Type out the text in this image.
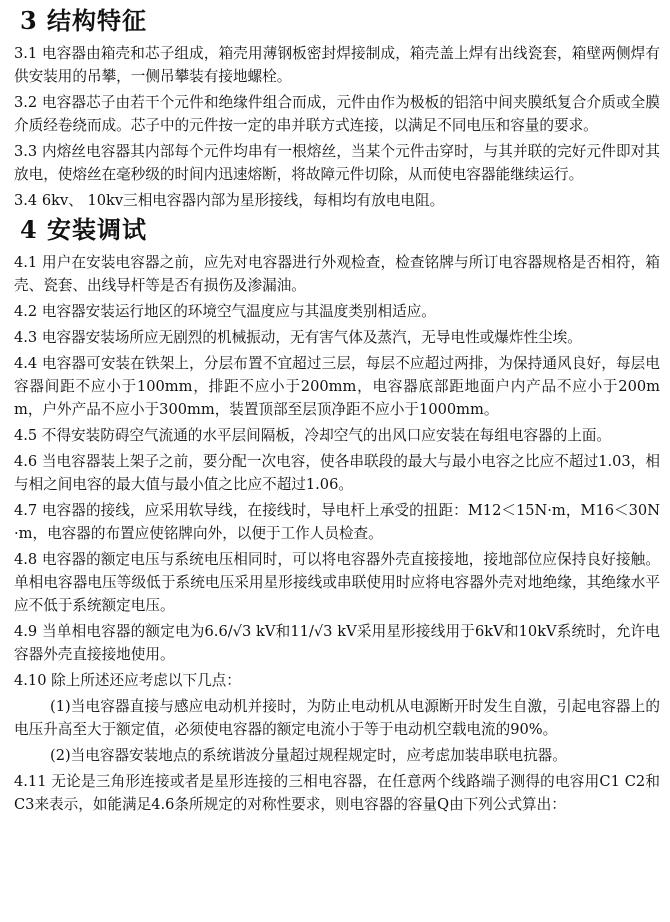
3 结构特征

3.1 电容器由箱壳和芯子组成，箱壳用薄钢板密封焊接制成，箱壳盖上焊有出线瓷套，箱壁两侧焊有供安装用的吊攀，一侧吊攀装有接地螺栓。

3.2 电容器芯子由若干个元件和绝缘件组合而成，元件由作为极板的铝箔中间夹膜纸复合介质或全膜介质经卷绕而成。芯子中的元件按一定的串并联方式连接，以满足不同电压和容量的要求。

3.3 内熔丝电容器其内部每个元件均串有一根熔丝，当某个元件击穿时，与其并联的完好元件即对其放电，使熔丝在毫秒级的时间内迅速熔断，将故障元件切除，从而使电容器能继续运行。

3.4 6kv、 10kv三相电容器内部为星形接线，每相均有放电电阻。

4 安装调试

4.1 用户在安装电容器之前，应先对电容器进行外观检查，检查铭牌与所订电容器规格是否相符，箱壳、瓷套、出线导杆等是否有损伤及渗漏油。

4.2 电容器安装运行地区的环境空气温度应与其温度类别相适应。

4.3 电容器安装场所应无剧烈的机械振动，无有害气体及蒸汽，无导电性或爆炸性尘埃。

4.4 电容器可安装在铁架上，分层布置不宜超过三层，每层不应超过两排，为保持通风良好，每层电容器间距不应小于100mm，排距不应小于200mm，电容器底部距地面户内产品不应小于200mm，户外产品不应小于300mm，装置顶部至层顶净距不应小于1000mm。

4.5 不得安装防碍空气流通的水平层间隔板，冷却空气的出风口应安装在每组电容器的上面。

4.6 当电容器装上架子之前，要分配一次电容，使各串联段的最大与最小电容之比应不超过1.03，相与相之间电容的最大值与最小值之比应不超过1.06。

4.7 电容器的接线，应采用软导线，在接线时，导电杆上承受的扭距：M12＜15N·m，M16＜30N·m，电容器的布置应使铭牌向外，以便于工作人员检查。

4.8 电容器的额定电压与系统电压相同时，可以将电容器外壳直接接地，接地部位应保持良好接触。单相电容器电压等级低于系统电压采用星形接线或串联使用时应将电容器外壳对地绝缘，其绝缘水平应不低于系统额定电压。

4.9 当单相电容器的额定电为6.6/√3 kV和11/√3 kV采用星形接线用于6kV和10kV系统时，允许电容器外壳直接接地使用。

4.10 除上所述还应考虑以下几点：

(1)当电容器直接与感应电动机并接时，为防止电动机从电源断开时发生自激，引起电容器上的电压升高至大于额定值，必须使电容器的额定电流小于等于电动机空载电流的90%。

(2)当电容器安装地点的系统谐波分量超过规程规定时，应考虑加装串联电抗器。

4.11 无论是三角形连接或者是星形连接的三相电容器，在任意两个线路端子测得的电容用C1 C2和C3来表示，如能满足4.6条所规定的对称性要求，则电容器的容量Q由下列公式算出：
